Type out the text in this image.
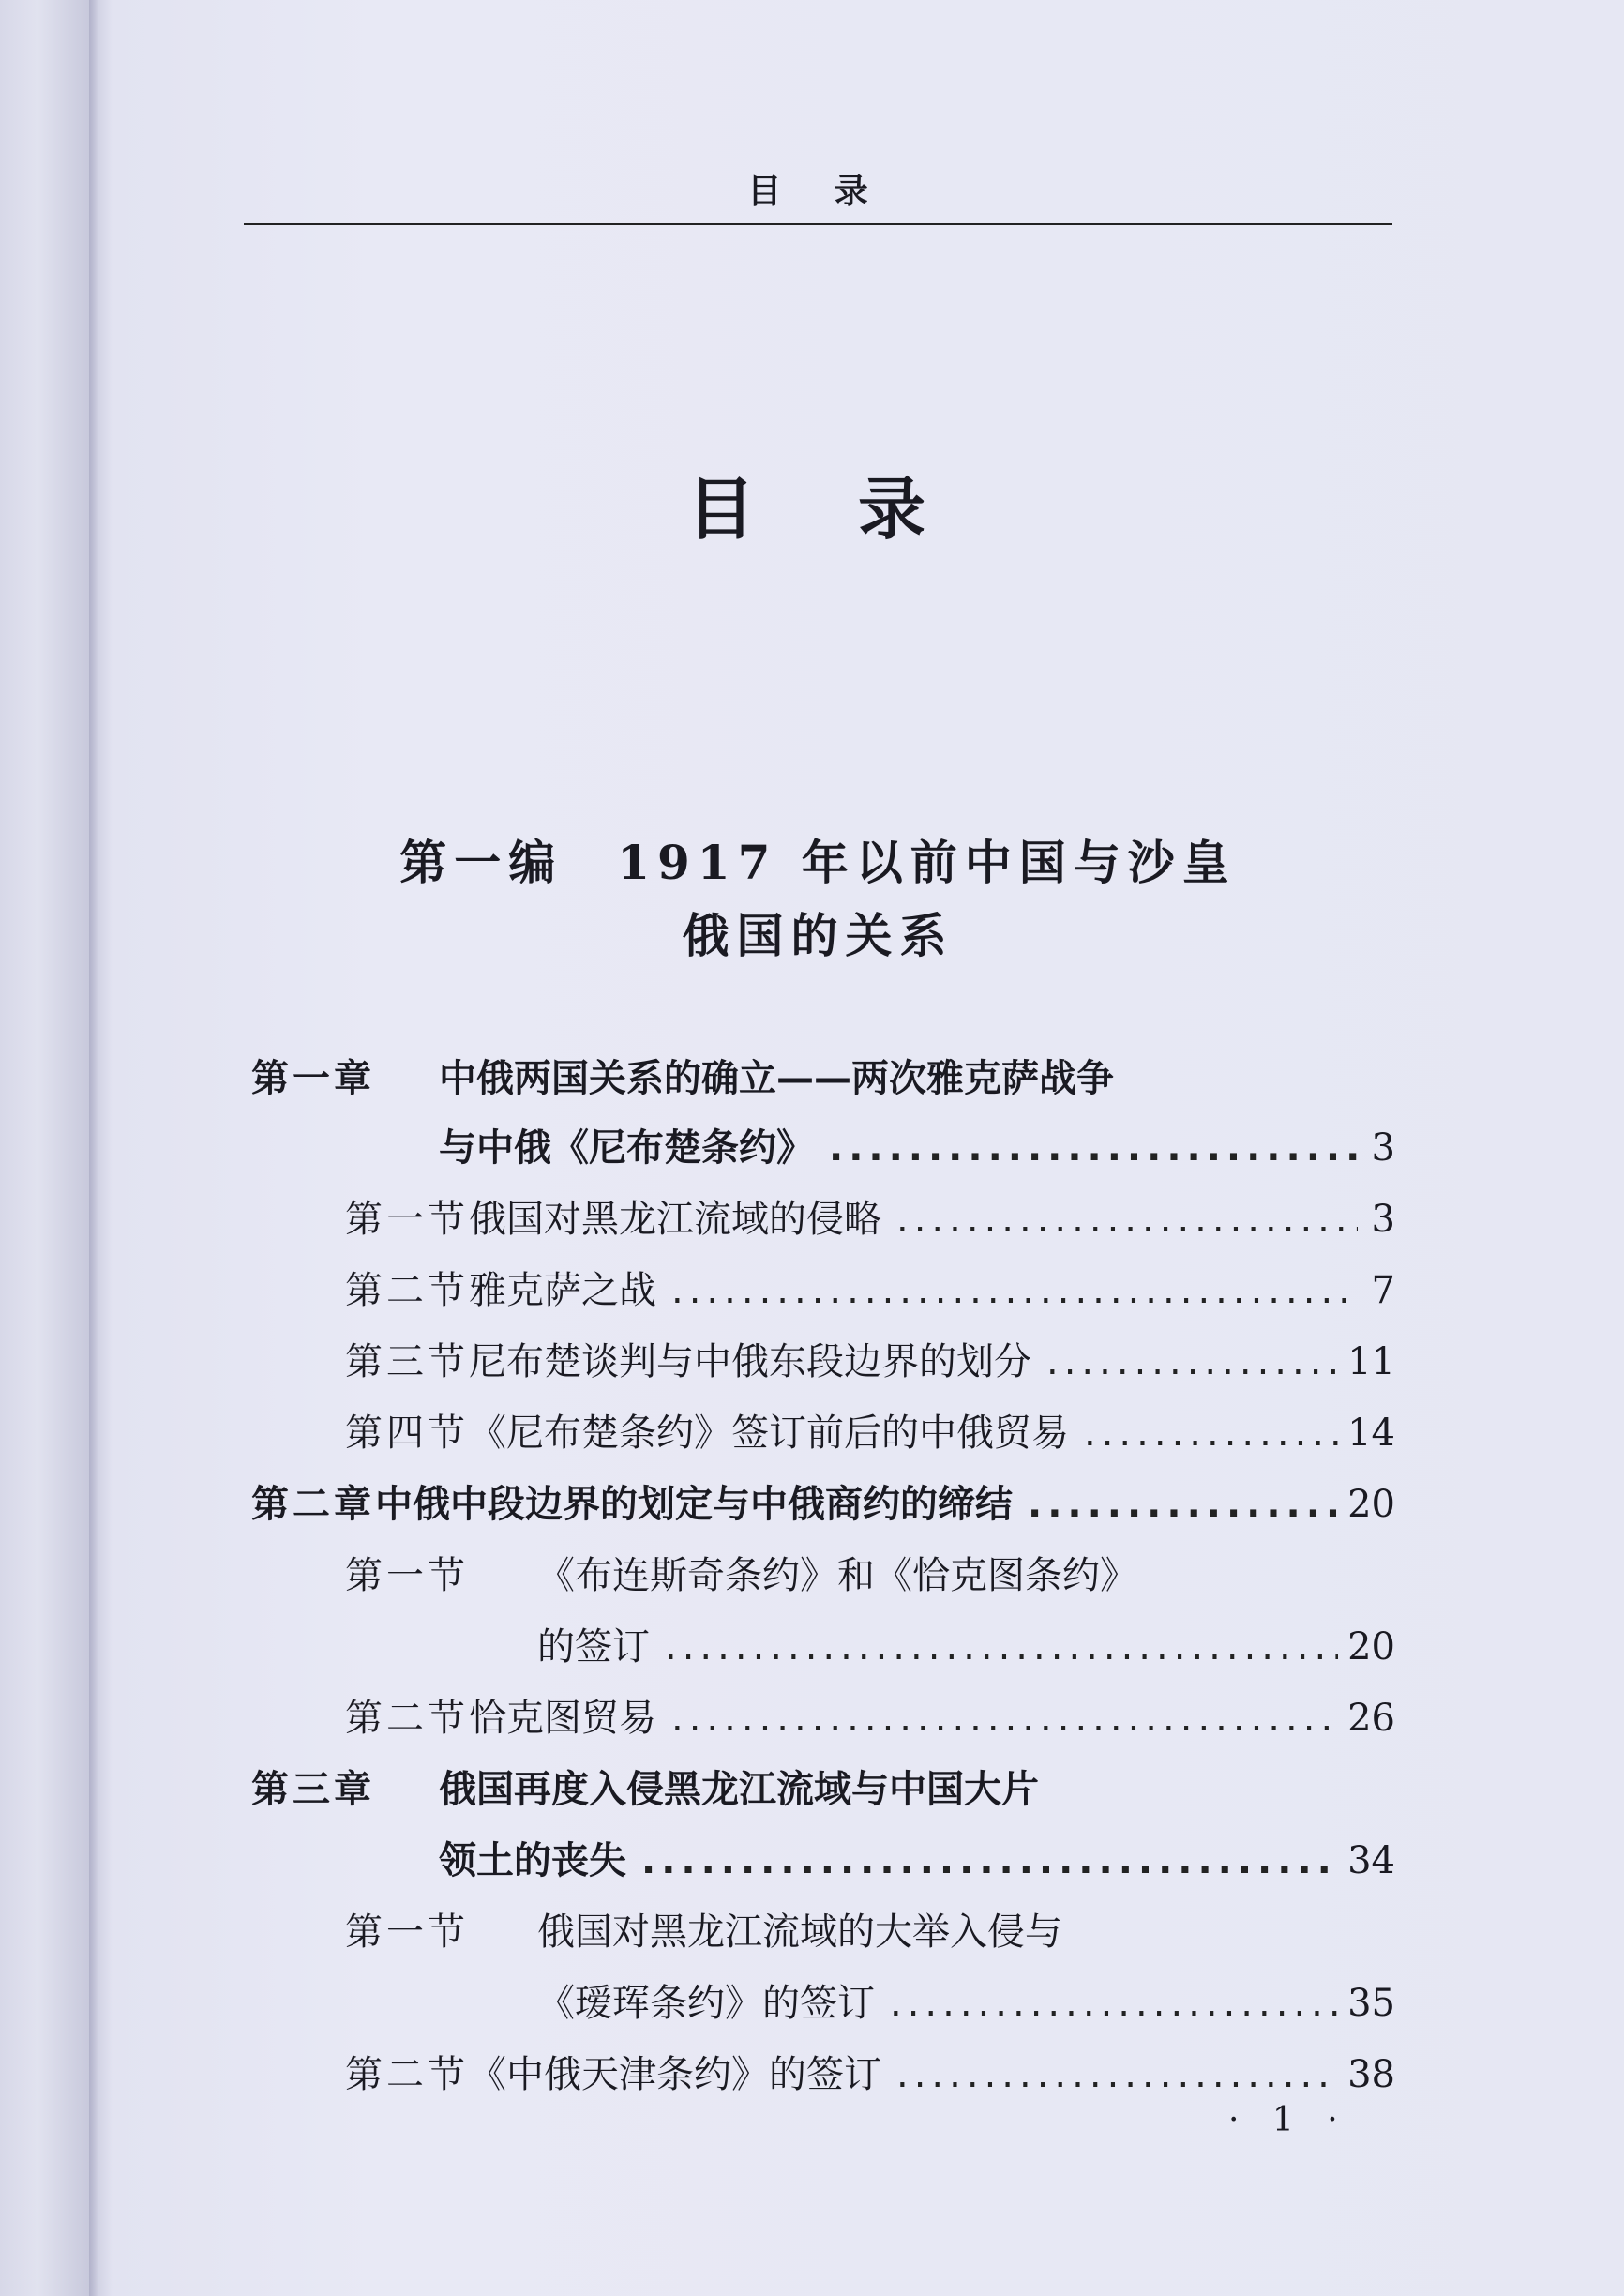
目 录
目录
第一编　1917 年以前中国与沙皇
俄国的关系
第一章	中俄两国关系的确立——两次雅克萨战争
与中俄《尼布楚条约》 .....	3
第一节 俄国对黑龙江流域的侵略 .....	3
第二节 雅克萨之战 .....	7
第三节 尼布楚谈判与中俄东段边界的划分 .....	11
第四节 《尼布楚条约》签订前后的中俄贸易 .....	14
第二章 中俄中段边界的划定与中俄商约的缔结 .....	20
第一节	《布连斯奇条约》和《恰克图条约》
的签订 .....	20
第二节 恰克图贸易 .....	26
第三章	俄国再度入侵黑龙江流域与中国大片
领土的丧失 .....	34
第一节	俄国对黑龙江流域的大举入侵与
《瑷珲条约》的签订 .....	35
第二节 《中俄天津条约》的签订 .....	38
· 1 ·
